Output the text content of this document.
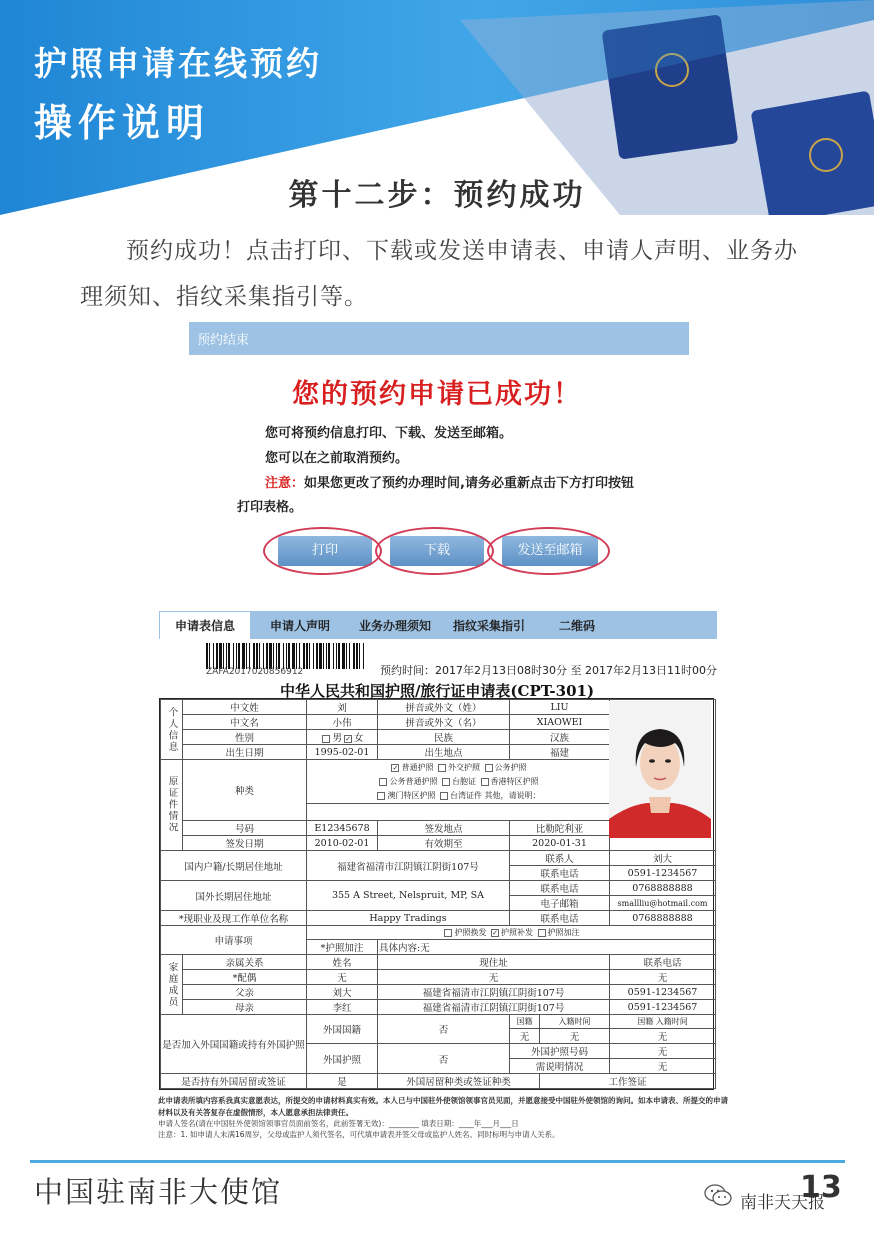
护照申请在线预约
操作说明
第十二步：预约成功
预约成功！点击打印、下载或发送申请表、申请人声明、业务办理须知、指纹采集指引等。
预约结束
您的预约申请已成功！
您可将预约信息打印、下载、发送至邮箱。
您可以在之前取消预约。
注意：如果您更改了预约办理时间,请务必重新点击下方打印按钮
打印表格。
打印	下载	发送至邮箱
申请表信息	申请人声明	业务办理须知	指纹采集指引	二维码
ZAFA2017020856912	预约时间：2017年2月13日08时30分 至 2017年2月13日11时00分
中华人民共和国护照/旅行证申请表(CPT-301)
个人信息	中文姓	刘	拼音或外文（姓）	LIU		
	中文名	小伟	拼音或外文（名）	XIAOWEI		
	性别	男 ✓ 女	民族	汉族		
	出生日期	1995-02-01	出生地点	福建		
原证件情况	种类	✓ 普通护照 外交护照 公务护照
公务普通护照 台胞证 香港特区护照
澳门特区护照 台湾证件 其他，请说明：				

	号码	E12345678	签发地点	比勒陀利亚		
	签发日期	2010-02-01	有效期至	2020-01-31		
国内户籍/长期居住地址		福建省福清市江阴镇江阴街107号		联系人		刘大
				联系电话		0591-1234567
国外长期居住地址		355 A Street, Nelspruit, MP, SA		联系电话		0768888888
				电子邮箱		smallliu@hotmail.com
*现职业及现工作单位名称		Happy Tradings		联系电话		0768888888
申请事项		护照换发 ✓ 护照补发 护照加注				
		*护照加注	具体内容:无			
家庭成员	亲属关系	姓名	现住址			联系电话
	*配偶	无	无			无
	父亲	刘大	福建省福清市江阴镇江阴街107号			0591-1234567
	母亲	李红	福建省福清市江阴镇江阴街107号			0591-1234567
是否加入外国国籍或持有外国护照		外国国籍	否	国籍	入籍时间	国籍 入籍时间
				无	无	无
		外国护照	否	外国护照号码		无
				需说明情况		无
是否持有外国居留或签证		是	外国居留种类或签证种类		工作签证	
此申请表所填内容系我真实意愿表达，所提交的申请材料真实有效。本人已与中国驻外使领馆领事官员见面，并愿意接受中国驻外使领馆的询问。如本申请表、所提交的申请材料以及有关答复存在虚假情形，本人愿意承担法律责任。
申请人签名(请在中国驻外使领馆领事官员面前签名，此前签署无效)：________ 填表日期：____年___月___日
注意：1. 如申请人未满16周岁，父母或监护人须代签名，可代填申请表并签父母或监护人姓名、同时标明与申请人关系。
中国驻南非大使馆	13
南非天天报
